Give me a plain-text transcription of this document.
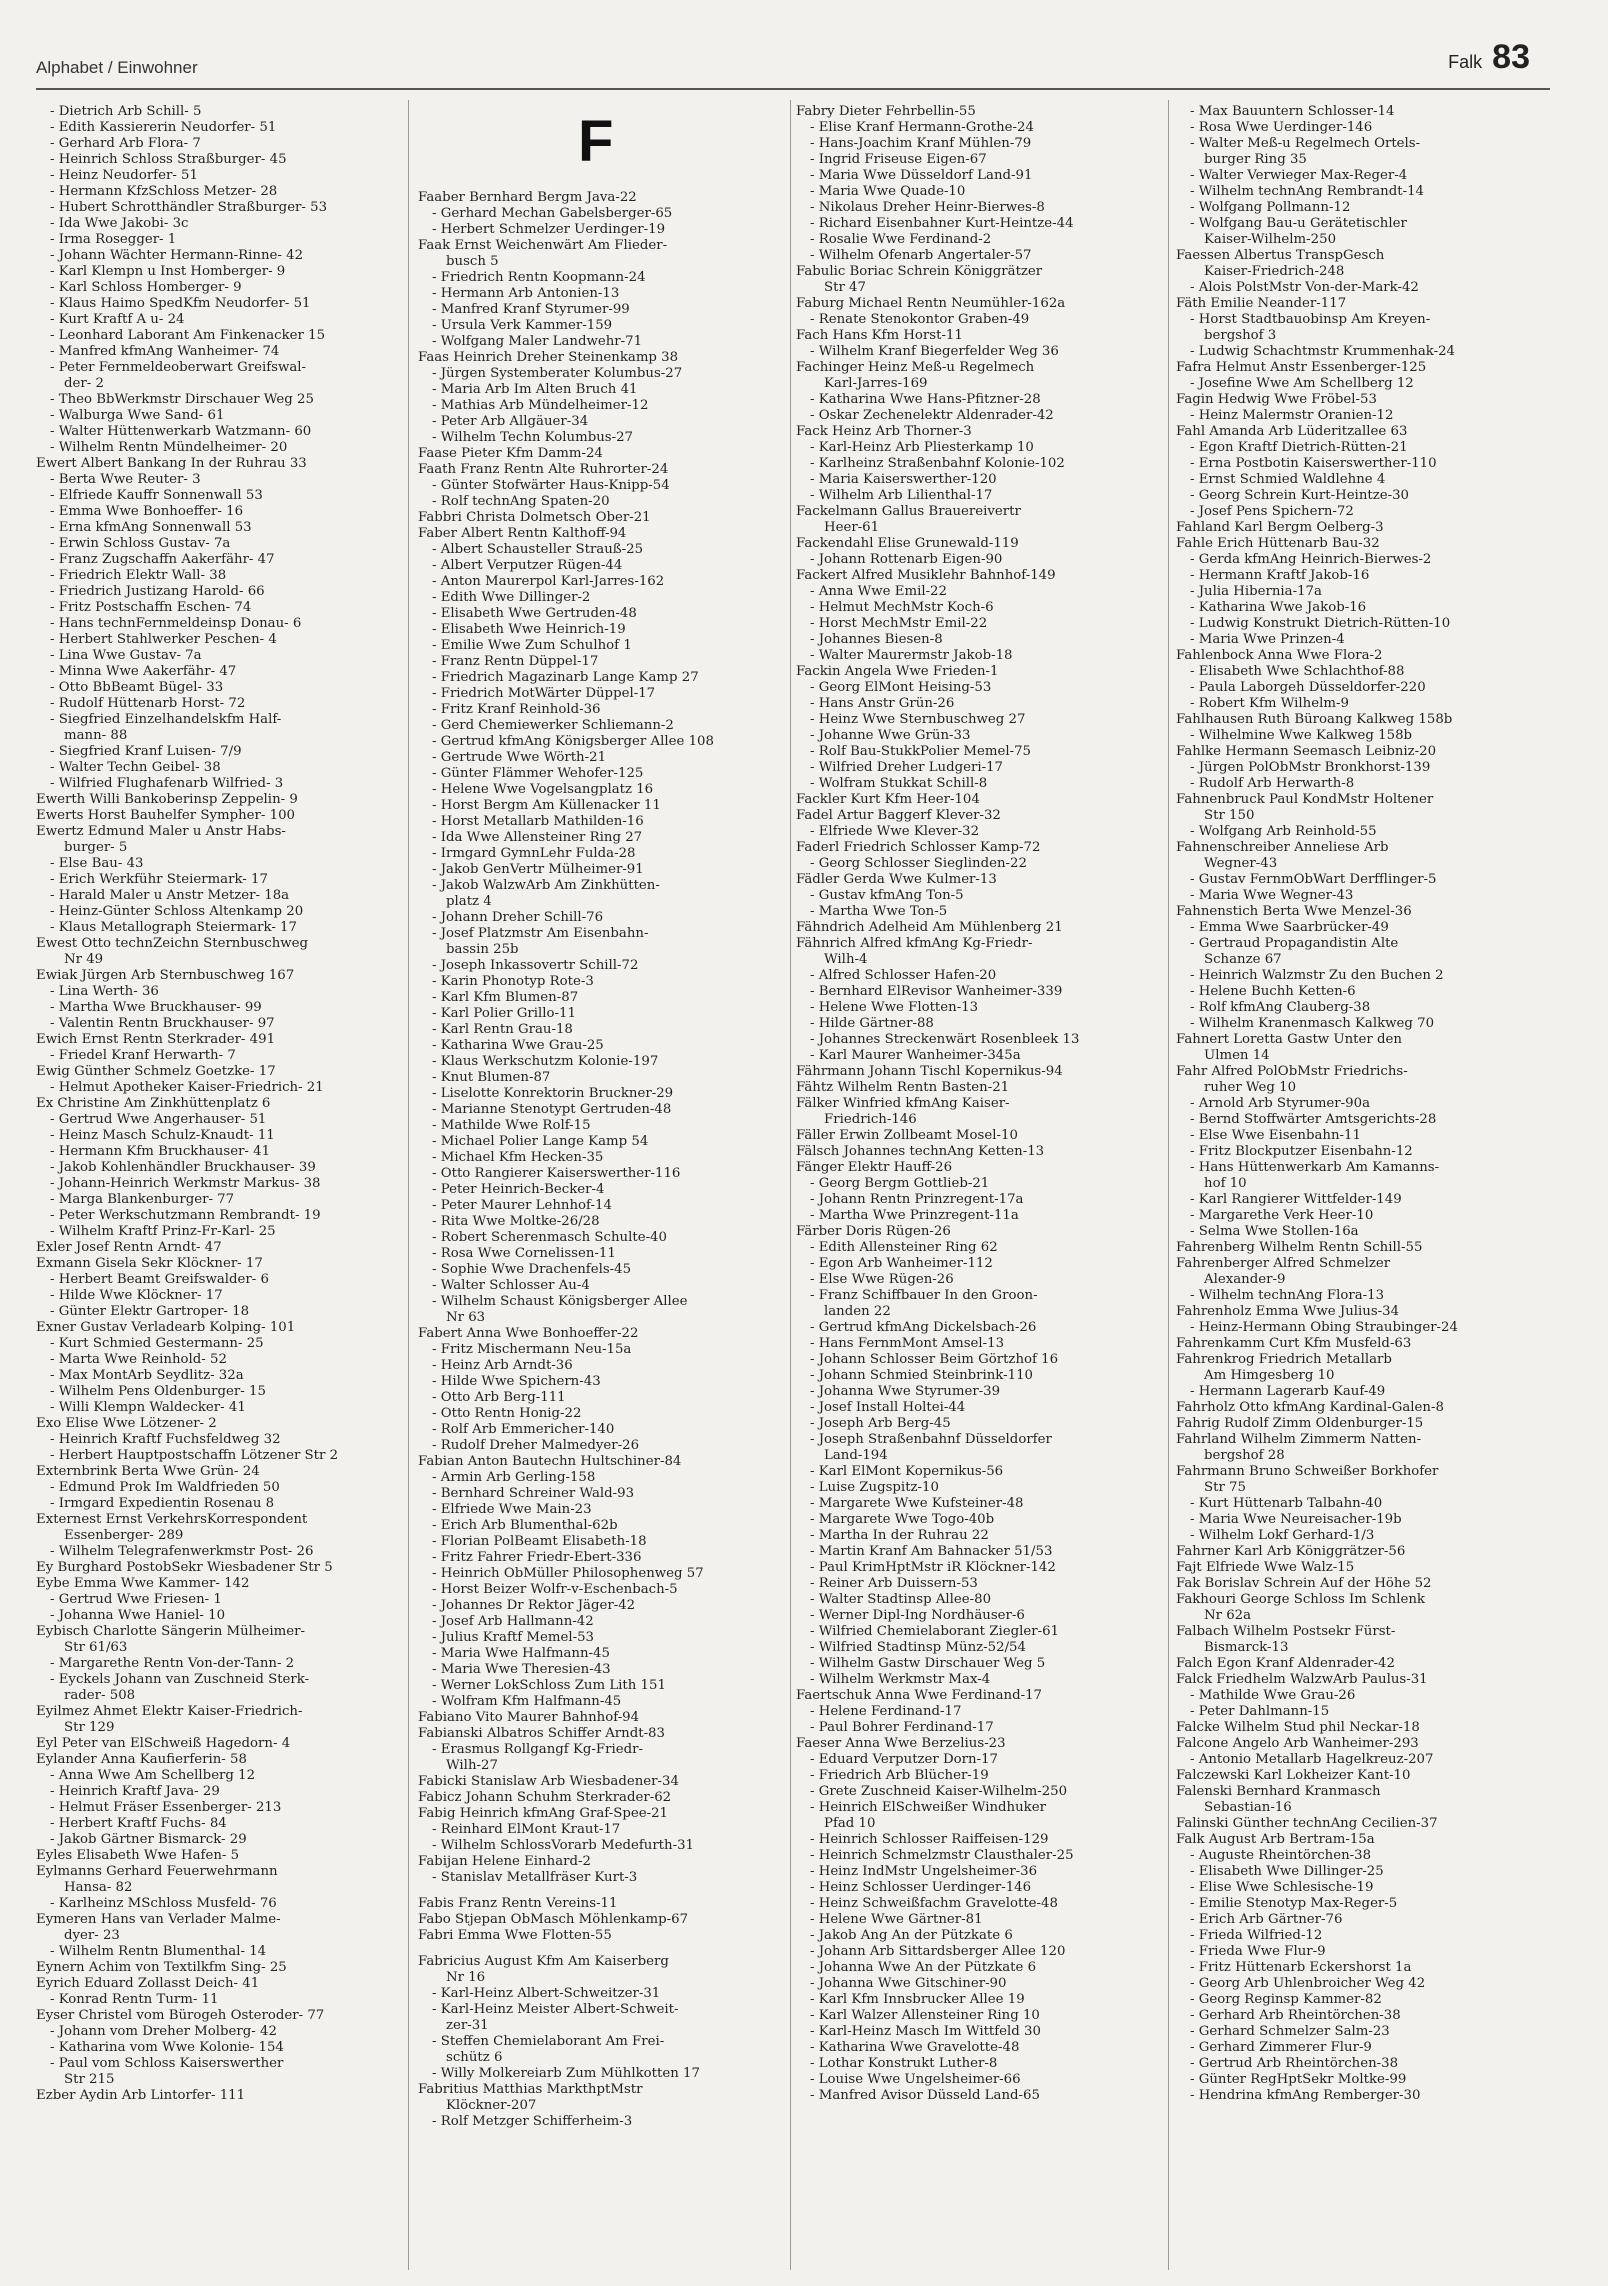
Alphabet / Einwohner	Falk 83
- Dietrich Arb Schill- 5
- Edith Kassiererin Neudorfer- 51
- Gerhard Arb Flora- 7
- Heinrich Schloss Straßburger- 45
- Heinz Neudorfer- 51
- Hermann KfzSchloss Metzer- 28
- Hubert Schrotthändler Straßburger- 53
- Ida Wwe Jakobi- 3c
- Irma Rosegger- 1
- Johann Wächter Hermann-Rinne- 42
- Karl Klempn u Inst Homberger- 9
- Karl Schloss Homberger- 9
- Klaus Haimo SpedKfm Neudorfer- 51
- Kurt Kraftf A u- 24
- Leonhard Laborant Am Finkenacker 15
- Manfred kfmAng Wanheimer- 74
- Peter Fernmeldeoberwart Greifswal-
der- 2
- Theo BbWerkmstr Dirschauer Weg 25
- Walburga Wwe Sand- 61
- Walter Hüttenwerkarb Watzmann- 60
- Wilhelm Rentn Mündelheimer- 20
Ewert Albert Bankang In der Ruhrau 33
- Berta Wwe Reuter- 3
- Elfriede Kauffr Sonnenwall 53
- Emma Wwe Bonhoeffer- 16
- Erna kfmAng Sonnenwall 53
- Erwin Schloss Gustav- 7a
- Franz Zugschaffn Aakerfähr- 47
- Friedrich Elektr Wall- 38
- Friedrich Justizang Harold- 66
- Fritz Postschaffn Eschen- 74
- Hans technFernmeldeinsp Donau- 6
- Herbert Stahlwerker Peschen- 4
- Lina Wwe Gustav- 7a
- Minna Wwe Aakerfähr- 47
- Otto BbBeamt Bügel- 33
- Rudolf Hüttenarb Horst- 72
- Siegfried Einzelhandelskfm Half-
mann- 88
- Siegfried Kranf Luisen- 7/9
- Walter Techn Geibel- 38
- Wilfried Flughafenarb Wilfried- 3
Ewerth Willi Bankoberinsp Zeppelin- 9
Ewerts Horst Bauhelfer Sympher- 100
Ewertz Edmund Maler u Anstr Habs-
burger- 5
- Else Bau- 43
- Erich Werkführ Steiermark- 17
- Harald Maler u Anstr Metzer- 18a
- Heinz-Günter Schloss Altenkamp 20
- Klaus Metallograph Steiermark- 17
Ewest Otto technZeichn Sternbuschweg
Nr 49
Ewiak Jürgen Arb Sternbuschweg 167
- Lina Werth- 36
- Martha Wwe Bruckhauser- 99
- Valentin Rentn Bruckhauser- 97
Ewich Ernst Rentn Sterkrader- 491
- Friedel Kranf Herwarth- 7
Ewig Günther Schmelz Goetzke- 17
- Helmut Apotheker Kaiser-Friedrich- 21
Ex Christine Am Zinkhüttenplatz 6
- Gertrud Wwe Angerhauser- 51
- Heinz Masch Schulz-Knaudt- 11
- Hermann Kfm Bruckhauser- 41
- Jakob Kohlenhändler Bruckhauser- 39
- Johann-Heinrich Werkmstr Markus- 38
- Marga Blankenburger- 77
- Peter Werkschutzmann Rembrandt- 19
- Wilhelm Kraftf Prinz-Fr-Karl- 25
Exler Josef Rentn Arndt- 47
Exmann Gisela Sekr Klöckner- 17
- Herbert Beamt Greifswalder- 6
- Hilde Wwe Klöckner- 17
- Günter Elektr Gartroper- 18
Exner Gustav Verladearb Kolping- 101
- Kurt Schmied Gestermann- 25
- Marta Wwe Reinhold- 52
- Max MontArb Seydlitz- 32a
- Wilhelm Pens Oldenburger- 15
- Willi Klempn Waldecker- 41
Exo Elise Wwe Lötzener- 2
- Heinrich Kraftf Fuchsfeldweg 32
- Herbert Hauptpostschaffn Lötzener Str 2
Externbrink Berta Wwe Grün- 24
- Edmund Prok Im Waldfrieden 50
- Irmgard Expedientin Rosenau 8
Externest Ernst VerkehrsKorrespondent
Essenberger- 289
- Wilhelm Telegrafenwerkmstr Post- 26
Ey Burghard PostobSekr Wiesbadener Str 5
Eybe Emma Wwe Kammer- 142
- Gertrud Wwe Friesen- 1
- Johanna Wwe Haniel- 10
Eybisch Charlotte Sängerin Mülheimer-
Str 61/63
- Margarethe Rentn Von-der-Tann- 2
- Eyckels Johann van Zuschneid Sterk-
rader- 508
Eyilmez Ahmet Elektr Kaiser-Friedrich-
Str 129
Eyl Peter van ElSchweiß Hagedorn- 4
Eylander Anna Kaufierferin- 58
- Anna Wwe Am Schellberg 12
- Heinrich Kraftf Java- 29
- Helmut Fräser Essenberger- 213
- Herbert Kraftf Fuchs- 84
- Jakob Gärtner Bismarck- 29
Eyles Elisabeth Wwe Hafen- 5
Eylmanns Gerhard Feuerwehrmann
Hansa- 82
- Karlheinz MSchloss Musfeld- 76
Eymeren Hans van Verlader Malme-
dyer- 23
- Wilhelm Rentn Blumenthal- 14
Eynern Achim von Textilkfm Sing- 25
Eyrich Eduard Zollasst Deich- 41
- Konrad Rentn Turm- 11
Eyser Christel vom Bürogeh Osteroder- 77
- Johann vom Dreher Molberg- 42
- Katharina vom Wwe Kolonie- 154
- Paul vom Schloss Kaiserswerther
Str 215
Ezber Aydin Arb Lintorfer- 111
F
Faaber Bernhard Bergm Java-22
- Gerhard Mechan Gabelsberger-65
- Herbert Schmelzer Uerdinger-19
Faak Ernst Weichenwärt Am Flieder-
busch 5
- Friedrich Rentn Koopmann-24
- Hermann Arb Antonien-13
- Manfred Kranf Styrumer-99
- Ursula Verk Kammer-159
- Wolfgang Maler Landwehr-71
Faas Heinrich Dreher Steinenkamp 38
- Jürgen Systemberater Kolumbus-27
- Maria Arb Im Alten Bruch 41
- Mathias Arb Mündelheimer-12
- Peter Arb Allgäuer-34
- Wilhelm Techn Kolumbus-27
Faase Pieter Kfm Damm-24
Faath Franz Rentn Alte Ruhrorter-24
- Günter Stofwärter Haus-Knipp-54
- Rolf technAng Spaten-20
Fabbri Christa Dolmetsch Ober-21
Faber Albert Rentn Kalthoff-94
- Albert Schausteller Strauß-25
- Albert Verputzer Rügen-44
- Anton Maurerpol Karl-Jarres-162
- Edith Wwe Dillinger-2
- Elisabeth Wwe Gertruden-48
- Elisabeth Wwe Heinrich-19
- Emilie Wwe Zum Schulhof 1
- Franz Rentn Düppel-17
- Friedrich Magazinarb Lange Kamp 27
- Friedrich MotWärter Düppel-17
- Fritz Kranf Reinhold-36
- Gerd Chemiewerker Schliemann-2
- Gertrud kfmAng Königsberger Allee 108
- Gertrude Wwe Wörth-21
- Günter Flämmer Wehofer-125
- Helene Wwe Vogelsangplatz 16
- Horst Bergm Am Küllenacker 11
- Horst Metallarb Mathilden-16
- Ida Wwe Allensteiner Ring 27
- Irmgard GymnLehr Fulda-28
- Jakob GenVertr Mülheimer-91
- Jakob WalzwArb Am Zinkhütten-
platz 4
- Johann Dreher Schill-76
- Josef Platzmstr Am Eisenbahn-
bassin 25b
- Joseph Inkassovertr Schill-72
- Karin Phonotyp Rote-3
- Karl Kfm Blumen-87
- Karl Polier Grillo-11
- Karl Rentn Grau-18
- Katharina Wwe Grau-25
- Klaus Werkschutzm Kolonie-197
- Knut Blumen-87
- Liselotte Konrektorin Bruckner-29
- Marianne Stenotypt Gertruden-48
- Mathilde Wwe Rolf-15
- Michael Polier Lange Kamp 54
- Michael Kfm Hecken-35
- Otto Rangierer Kaiserswerther-116
- Peter Heinrich-Becker-4
- Peter Maurer Lehnhof-14
- Rita Wwe Moltke-26/28
- Robert Scherenmasch Schulte-40
- Rosa Wwe Cornelissen-11
- Sophie Wwe Drachenfels-45
- Walter Schlosser Au-4
- Wilhelm Schaust Königsberger Allee
Nr 63
Fabert Anna Wwe Bonhoeffer-22
- Fritz Mischermann Neu-15a
- Heinz Arb Arndt-36
- Hilde Wwe Spichern-43
- Otto Arb Berg-111
- Otto Rentn Honig-22
- Rolf Arb Emmericher-140
- Rudolf Dreher Malmedyer-26
Fabian Anton Bautechn Hultschiner-84
- Armin Arb Gerling-158
- Bernhard Schreiner Wald-93
- Elfriede Wwe Main-23
- Erich Arb Blumenthal-62b
- Florian PolBeamt Elisabeth-18
- Fritz Fahrer Friedr-Ebert-336
- Heinrich ObMüller Philosophenweg 57
- Horst Beizer Wolfr-v-Eschenbach-5
- Johannes Dr Rektor Jäger-42
- Josef Arb Hallmann-42
- Julius Kraftf Memel-53
- Maria Wwe Halfmann-45
- Maria Wwe Theresien-43
- Werner LokSchloss Zum Lith 151
- Wolfram Kfm Halfmann-45
Fabiano Vito Maurer Bahnhof-94
Fabianski Albatros Schiffer Arndt-83
- Erasmus Rollgangf Kg-Friedr-
Wilh-27
Fabicki Stanislaw Arb Wiesbadener-34
Fabicz Johann Schuhm Sterkrader-62
Fabig Heinrich kfmAng Graf-Spee-21
- Reinhard ElMont Kraut-17
- Wilhelm SchlossVorarb Medefurth-31
Fabijan Helene Einhard-2
- Stanislav Metallfräser Kurt-3
Fabis Franz Rentn Vereins-11
Fabo Stjepan ObMasch Möhlenkamp-67
Fabri Emma Wwe Flotten-55
Fabricius August Kfm Am Kaiserberg
Nr 16
- Karl-Heinz Albert-Schweitzer-31
- Karl-Heinz Meister Albert-Schweit-
zer-31
- Steffen Chemielaborant Am Frei-
schütz 6
- Willy Molkereiarb Zum Mühlkotten 17
Fabritius Matthias MarkthptMstr
Klöckner-207
- Rolf Metzger Schifferheim-3
Fabry Dieter Fehrbellin-55
- Elise Kranf Hermann-Grothe-24
- Hans-Joachim Kranf Mühlen-79
- Ingrid Friseuse Eigen-67
- Maria Wwe Düsseldorf Land-91
- Maria Wwe Quade-10
- Nikolaus Dreher Heinr-Bierwes-8
- Richard Eisenbahner Kurt-Heintze-44
- Rosalie Wwe Ferdinand-2
- Wilhelm Ofenarb Angertaler-57
Fabulic Boriac Schrein Königgrätzer
Str 47
Faburg Michael Rentn Neumühler-162a
- Renate Stenokontor Graben-49
Fach Hans Kfm Horst-11
- Wilhelm Kranf Biegerfelder Weg 36
Fachinger Heinz Meß-u Regelmech
Karl-Jarres-169
- Katharina Wwe Hans-Pfitzner-28
- Oskar Zechenelektr Aldenrader-42
Fack Heinz Arb Thorner-3
- Karl-Heinz Arb Pliesterkamp 10
- Karlheinz Straßenbahnf Kolonie-102
- Maria Kaiserswerther-120
- Wilhelm Arb Lilienthal-17
Fackelmann Gallus Brauereivertr
Heer-61
Fackendahl Elise Grunewald-119
- Johann Rottenarb Eigen-90
Fackert Alfred Musiklehr Bahnhof-149
- Anna Wwe Emil-22
- Helmut MechMstr Koch-6
- Horst MechMstr Emil-22
- Johannes Biesen-8
- Walter Maurermstr Jakob-18
Fackin Angela Wwe Frieden-1
- Georg ElMont Heising-53
- Hans Anstr Grün-26
- Heinz Wwe Sternbuschweg 27
- Johanne Wwe Grün-33
- Rolf Bau-StukkPolier Memel-75
- Wilfried Dreher Ludgeri-17
- Wolfram Stukkat Schill-8
Fackler Kurt Kfm Heer-104
Fadel Artur Baggerf Klever-32
- Elfriede Wwe Klever-32
Faderl Friedrich Schlosser Kamp-72
- Georg Schlosser Sieglinden-22
Fädler Gerda Wwe Kulmer-13
- Gustav kfmAng Ton-5
- Martha Wwe Ton-5
Fähndrich Adelheid Am Mühlenberg 21
Fähnrich Alfred kfmAng Kg-Friedr-
Wilh-4
- Alfred Schlosser Hafen-20
- Bernhard ElRevisor Wanheimer-339
- Helene Wwe Flotten-13
- Hilde Gärtner-88
- Johannes Streckenwärt Rosenbleek 13
- Karl Maurer Wanheimer-345a
Fährmann Johann Tischl Kopernikus-94
Fähtz Wilhelm Rentn Basten-21
Fälker Winfried kfmAng Kaiser-
Friedrich-146
Fäller Erwin Zollbeamt Mosel-10
Fälsch Johannes technAng Ketten-13
Fänger Elektr Hauff-26
- Georg Bergm Gottlieb-21
- Johann Rentn Prinzregent-17a
- Martha Wwe Prinzregent-11a
Färber Doris Rügen-26
- Edith Allensteiner Ring 62
- Egon Arb Wanheimer-112
- Else Wwe Rügen-26
- Franz Schiffbauer In den Groon-
landen 22
- Gertrud kfmAng Dickelsbach-26
- Hans FernmMont Amsel-13
- Johann Schlosser Beim Görtzhof 16
- Johann Schmied Steinbrink-110
- Johanna Wwe Styrumer-39
- Josef Install Holtei-44
- Joseph Arb Berg-45
- Joseph Straßenbahnf Düsseldorfer
Land-194
- Karl ElMont Kopernikus-56
- Luise Zugspitz-10
- Margarete Wwe Kufsteiner-48
- Margarete Wwe Togo-40b
- Martha In der Ruhrau 22
- Martin Kranf Am Bahnacker 51/53
- Paul KrimHptMstr iR Klöckner-142
- Reiner Arb Duissern-53
- Walter Stadtinsp Allee-80
- Werner Dipl-Ing Nordhäuser-6
- Wilfried Chemielaborant Ziegler-61
- Wilfried Stadtinsp Münz-52/54
- Wilhelm Gastw Dirschauer Weg 5
- Wilhelm Werkmstr Max-4
Faertschuk Anna Wwe Ferdinand-17
- Helene Ferdinand-17
- Paul Bohrer Ferdinand-17
Faeser Anna Wwe Berzelius-23
- Eduard Verputzer Dorn-17
- Friedrich Arb Blücher-19
- Grete Zuschneid Kaiser-Wilhelm-250
- Heinrich ElSchweißer Windhuker
Pfad 10
- Heinrich Schlosser Raiffeisen-129
- Heinrich Schmelzmstr Clausthaler-25
- Heinz IndMstr Ungelsheimer-36
- Heinz Schlosser Uerdinger-146
- Heinz Schweißfachm Gravelotte-48
- Helene Wwe Gärtner-81
- Jakob Ang An der Pützkate 6
- Johann Arb Sittardsberger Allee 120
- Johanna Wwe An der Pützkate 6
- Johanna Wwe Gitschiner-90
- Karl Kfm Innsbrucker Allee 19
- Karl Walzer Allensteiner Ring 10
- Karl-Heinz Masch Im Wittfeld 30
- Katharina Wwe Gravelotte-48
- Lothar Konstrukt Luther-8
- Louise Wwe Ungelsheimer-66
- Manfred Avisor Düsseld Land-65
- Max Bauuntern Schlosser-14
- Rosa Wwe Uerdinger-146
- Walter Meß-u Regelmech Ortels-
burger Ring 35
- Walter Verwieger Max-Reger-4
- Wilhelm technAng Rembrandt-14
- Wolfgang Pollmann-12
- Wolfgang Bau-u Gerätetischler
Kaiser-Wilhelm-250
Faessen Albertus TranspGesch
Kaiser-Friedrich-248
- Alois PolstMstr Von-der-Mark-42
Fäth Emilie Neander-117
- Horst Stadtbauobinsp Am Kreyen-
bergshof 3
- Ludwig Schachtmstr Krummenhak-24
Fafra Helmut Anstr Essenberger-125
- Josefine Wwe Am Schellberg 12
Fagin Hedwig Wwe Fröbel-53
- Heinz Malermstr Oranien-12
Fahl Amanda Arb Lüderitzallee 63
- Egon Kraftf Dietrich-Rütten-21
- Erna Postbotin Kaiserswerther-110
- Ernst Schmied Waldlehne 4
- Georg Schrein Kurt-Heintze-30
- Josef Pens Spichern-72
Fahland Karl Bergm Oelberg-3
Fahle Erich Hüttenarb Bau-32
- Gerda kfmAng Heinrich-Bierwes-2
- Hermann Kraftf Jakob-16
- Julia Hibernia-17a
- Katharina Wwe Jakob-16
- Ludwig Konstrukt Dietrich-Rütten-10
- Maria Wwe Prinzen-4
Fahlenbock Anna Wwe Flora-2
- Elisabeth Wwe Schlachthof-88
- Paula Laborgeh Düsseldorfer-220
- Robert Kfm Wilhelm-9
Fahlhausen Ruth Büroang Kalkweg 158b
- Wilhelmine Wwe Kalkweg 158b
Fahlke Hermann Seemasch Leibniz-20
- Jürgen PolObMstr Bronkhorst-139
- Rudolf Arb Herwarth-8
Fahnenbruck Paul KondMstr Holtener
Str 150
- Wolfgang Arb Reinhold-55
Fahnenschreiber Anneliese Arb
Wegner-43
- Gustav FernmObWart Derfflinger-5
- Maria Wwe Wegner-43
Fahnenstich Berta Wwe Menzel-36
- Emma Wwe Saarbrücker-49
- Gertraud Propagandistin Alte
Schanze 67
- Heinrich Walzmstr Zu den Buchen 2
- Helene Buchh Ketten-6
- Rolf kfmAng Clauberg-38
- Wilhelm Kranenmasch Kalkweg 70
Fahnert Loretta Gastw Unter den
Ulmen 14
Fahr Alfred PolObMstr Friedrichs-
ruher Weg 10
- Arnold Arb Styrumer-90a
- Bernd Stoffwärter Amtsgerichts-28
- Else Wwe Eisenbahn-11
- Fritz Blockputzer Eisenbahn-12
- Hans Hüttenwerkarb Am Kamanns-
hof 10
- Karl Rangierer Wittfelder-149
- Margarethe Verk Heer-10
- Selma Wwe Stollen-16a
Fahrenberg Wilhelm Rentn Schill-55
Fahrenberger Alfred Schmelzer
Alexander-9
- Wilhelm technAng Flora-13
Fahrenholz Emma Wwe Julius-34
- Heinz-Hermann Obing Straubinger-24
Fahrenkamm Curt Kfm Musfeld-63
Fahrenkrog Friedrich Metallarb
Am Himgesberg 10
- Hermann Lagerarb Kauf-49
Fahrholz Otto kfmAng Kardinal-Galen-8
Fahrig Rudolf Zimm Oldenburger-15
Fahrland Wilhelm Zimmerm Natten-
bergshof 28
Fahrmann Bruno Schweißer Borkhofer
Str 75
- Kurt Hüttenarb Talbahn-40
- Maria Wwe Neureisacher-19b
- Wilhelm Lokf Gerhard-1/3
Fahrner Karl Arb Königgrätzer-56
Fajt Elfriede Wwe Walz-15
Fak Borislav Schrein Auf der Höhe 52
Fakhouri George Schloss Im Schlenk
Nr 62a
Falbach Wilhelm Postsekr Fürst-
Bismarck-13
Falch Egon Kranf Aldenrader-42
Falck Friedhelm WalzwArb Paulus-31
- Mathilde Wwe Grau-26
- Peter Dahlmann-15
Falcke Wilhelm Stud phil Neckar-18
Falcone Angelo Arb Wanheimer-293
- Antonio Metallarb Hagelkreuz-207
Falczewski Karl Lokheizer Kant-10
Falenski Bernhard Kranmasch
Sebastian-16
Falinski Günther technAng Cecilien-37
Falk August Arb Bertram-15a
- Auguste Rheintörchen-38
- Elisabeth Wwe Dillinger-25
- Elise Wwe Schlesische-19
- Emilie Stenotyp Max-Reger-5
- Erich Arb Gärtner-76
- Frieda Wilfried-12
- Frieda Wwe Flur-9
- Fritz Hüttenarb Eckershorst 1a
- Georg Arb Uhlenbroicher Weg 42
- Georg Reginsp Kammer-82
- Gerhard Arb Rheintörchen-38
- Gerhard Schmelzer Salm-23
- Gerhard Zimmerer Flur-9
- Gertrud Arb Rheintörchen-38
- Günter RegHptSekr Moltke-99
- Hendrina kfmAng Remberger-30
